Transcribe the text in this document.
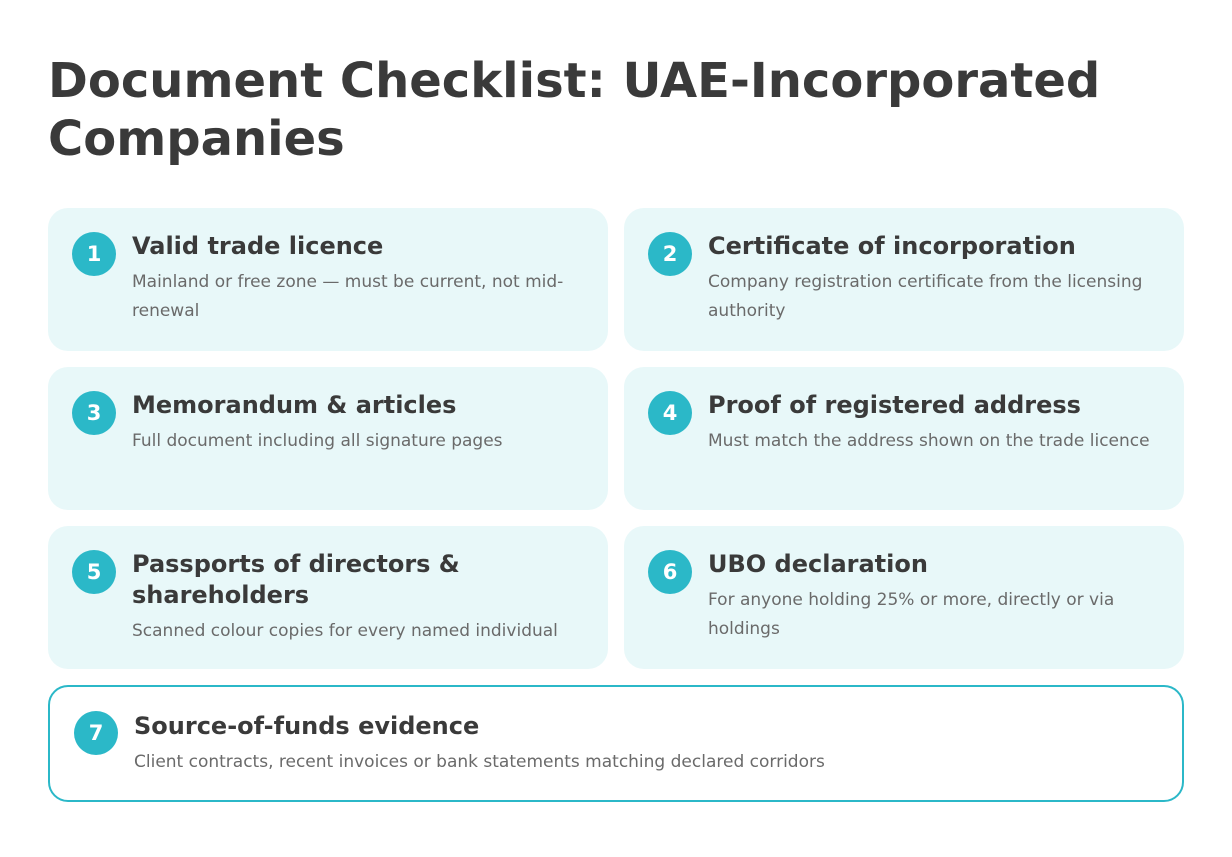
Document Checklist: UAE-Incorporated Companies
1	Valid trade licence

Mainland or free zone — must be current, not mid-renewal

2	Certificate of incorporation

Company registration certificate from the licensing authority

3	Memorandum & articles

Full document including all signature pages

4	Proof of registered address

Must match the address shown on the trade licence

5	Passports of directors & shareholders

Scanned colour copies for every named individual

6	UBO declaration

For anyone holding 25% or more, directly or via holdings

7	Source-of-funds evidence

Client contracts, recent invoices or bank statements matching declared corridors
